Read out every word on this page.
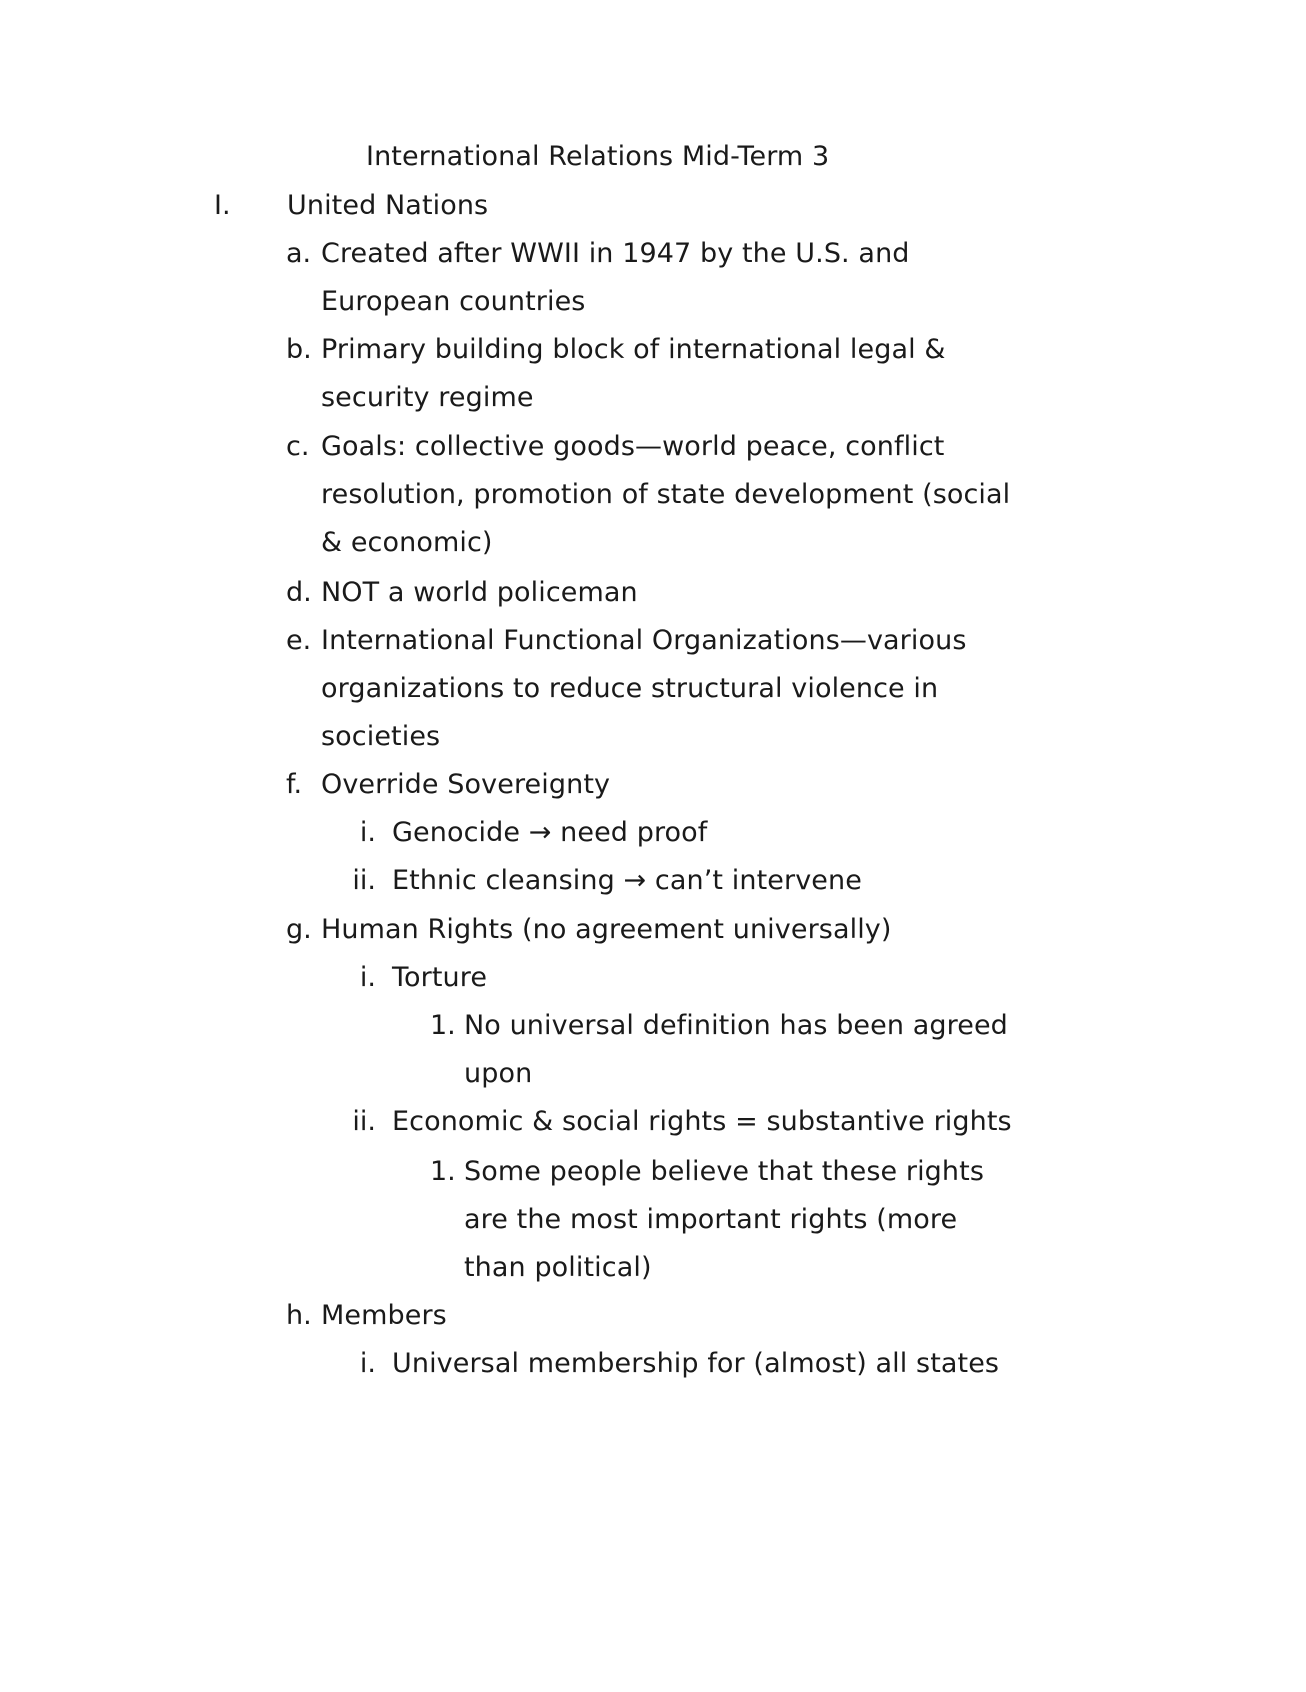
International Relations Mid-Term 3
I. United Nations
a. Created after WWII in 1947 by the U.S. and
European countries
b. Primary building block of international legal &
security regime
c. Goals: collective goods—world peace, conflict
resolution, promotion of state development (social
& economic)
d. NOT a world policeman
e. International Functional Organizations—various
organizations to reduce structural violence in
societies
f. Override Sovereignty
i. Genocide → need proof
ii. Ethnic cleansing → can’t intervene
g. Human Rights (no agreement universally)
i. Torture
1. No universal definition has been agreed
upon
ii. Economic & social rights = substantive rights
1. Some people believe that these rights
are the most important rights (more
than political)
h. Members
i. Universal membership for (almost) all states
